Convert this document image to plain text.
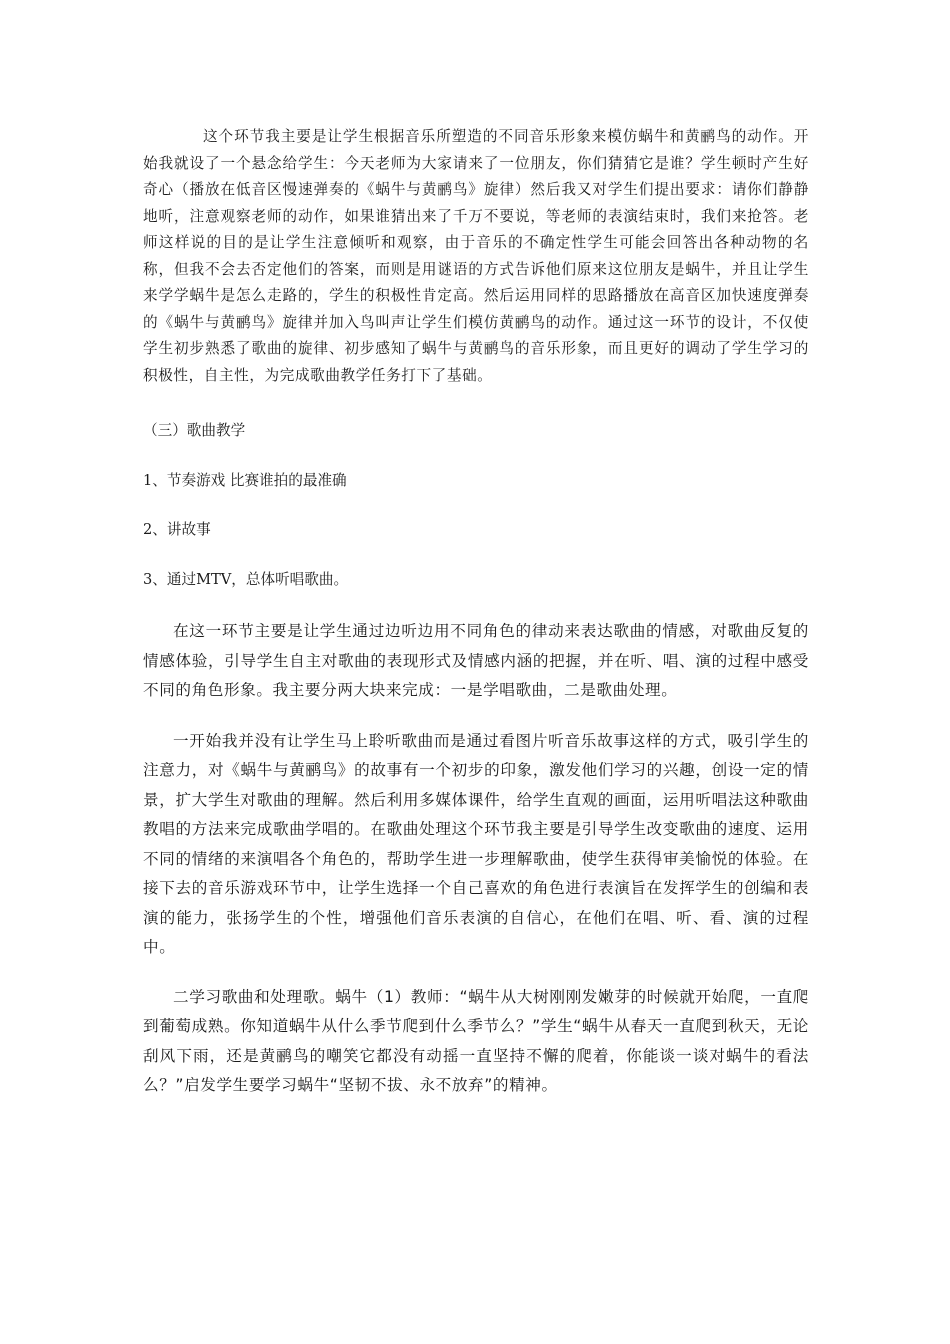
这个环节我主要是让学生根据音乐所塑造的不同音乐形象来模仿蜗牛和黄鹂鸟的动作。开始我就设了一个悬念给学生：今天老师为大家请来了一位朋友，你们猜猜它是谁？学生顿时产生好奇心（播放在低音区慢速弹奏的《蜗牛与黄鹂鸟》旋律）然后我又对学生们提出要求：请你们静静地听，注意观察老师的动作，如果谁猜出来了千万不要说，等老师的表演结束时，我们来抢答。老师这样说的目的是让学生注意倾听和观察，由于音乐的不确定性学生可能会回答出各种动物的名称，但我不会去否定他们的答案，而则是用谜语的方式告诉他们原来这位朋友是蜗牛，并且让学生来学学蜗牛是怎么走路的，学生的积极性肯定高。然后运用同样的思路播放在高音区加快速度弹奏的《蜗牛与黄鹂鸟》旋律并加入鸟叫声让学生们模仿黄鹂鸟的动作。通过这一环节的设计，不仅使学生初步熟悉了歌曲的旋律、初步感知了蜗牛与黄鹂鸟的音乐形象，而且更好的调动了学生学习的积极性，自主性，为完成歌曲教学任务打下了基础。

（三）歌曲教学

1、节奏游戏 比赛谁拍的最准确

2、讲故事

3、通过MTV，总体听唱歌曲。

在这一环节主要是让学生通过边听边用不同角色的律动来表达歌曲的情感，对歌曲反复的情感体验，引导学生自主对歌曲的表现形式及情感内涵的把握，并在听、唱、演的过程中感受不同的角色形象。我主要分两大块来完成：一是学唱歌曲，二是歌曲处理。

一开始我并没有让学生马上聆听歌曲而是通过看图片听音乐故事这样的方式，吸引学生的注意力，对《蜗牛与黄鹂鸟》的故事有一个初步的印象，激发他们学习的兴趣，创设一定的情景，扩大学生对歌曲的理解。然后利用多媒体课件，给学生直观的画面，运用听唱法这种歌曲教唱的方法来完成歌曲学唱的。在歌曲处理这个环节我主要是引导学生改变歌曲的速度、运用不同的情绪的来演唱各个角色的，帮助学生进一步理解歌曲，使学生获得审美愉悦的体验。在接下去的音乐游戏环节中，让学生选择一个自己喜欢的角色进行表演旨在发挥学生的创编和表演的能力，张扬学生的个性，增强他们音乐表演的自信心，在他们在唱、听、看、演的过程中。

二学习歌曲和处理歌。蜗牛（1）教师：“蜗牛从大树刚刚发嫩芽的时候就开始爬，一直爬到葡萄成熟。你知道蜗牛从什么季节爬到什么季节么？”学生“蜗牛从春天一直爬到秋天，无论刮风下雨，还是黄鹂鸟的嘲笑它都没有动摇一直坚持不懈的爬着，你能谈一谈对蜗牛的看法么？”启发学生要学习蜗牛“坚韧不拔、永不放弃”的精神。
